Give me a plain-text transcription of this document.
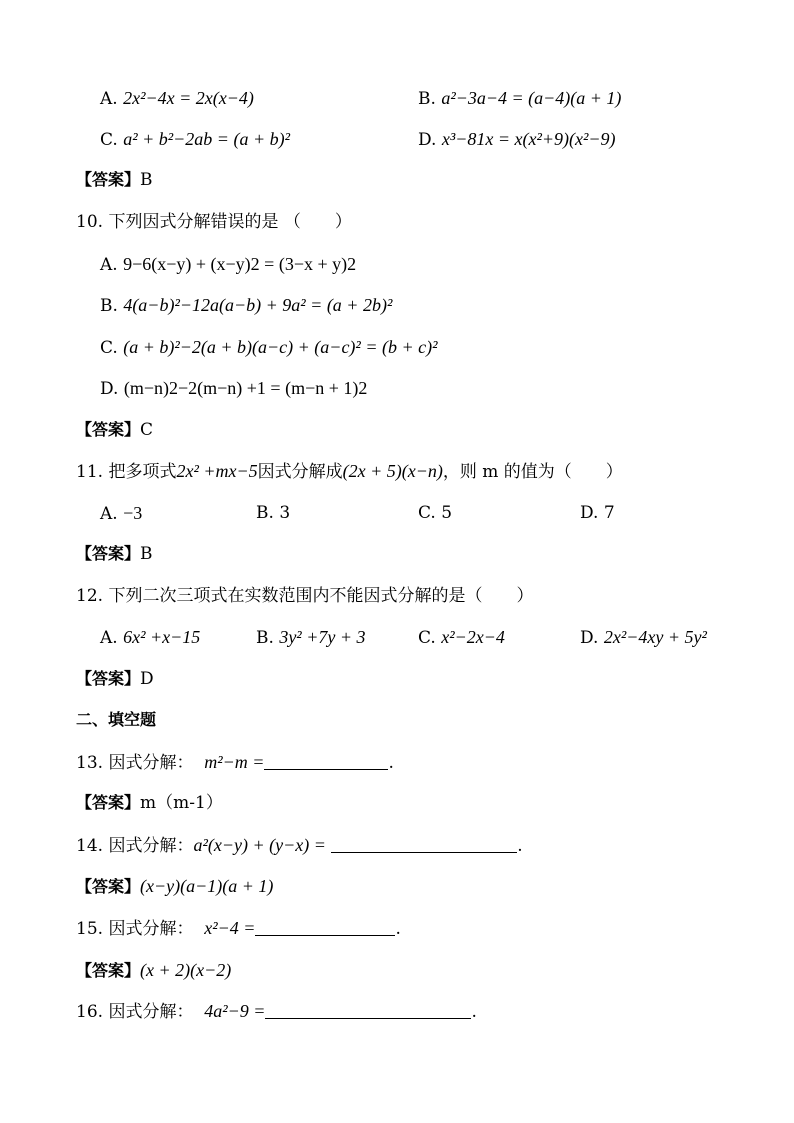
A. 2x²−4x = 2x(x−4)	B. a²−3a−4 = (a−4)(a + 1)
C. a² + b²−2ab = (a + b)²	D. x³−81x = x(x²+9)(x²−9)
【答案】B
10. 下列因式分解错误的是 （　　）
A. 9−6(x−y) + (x−y)2 = (3−x + y)2
B. 4(a−b)²−12a(a−b) + 9a² = (a + 2b)²
C. (a + b)²−2(a + b)(a−c) + (a−c)² = (b + c)²
D. (m−n)2−2(m−n) +1 = (m−n + 1)2
【答案】C
11. 把多项式2x² +mx−5因式分解成(2x + 5)(x−n)，则 m 的值为（　　）
A. −3	B. 3	C. 5	D. 7
【答案】B
12. 下列二次三项式在实数范围内不能因式分解的是（　　）
A. 6x² +x−15	B. 3y² +7y + 3	C. x²−2x−4	D. 2x²−4xy + 5y²
【答案】D
二、填空题
13. 因式分解： m²−m =	.
【答案】m（m-1）
14. 因式分解：a²(x−y) + (y−x) =	.
【答案】(x−y)(a−1)(a + 1)
15. 因式分解： x²−4 =	.
【答案】(x + 2)(x−2)
16. 因式分解： 4a²−9 =	.
